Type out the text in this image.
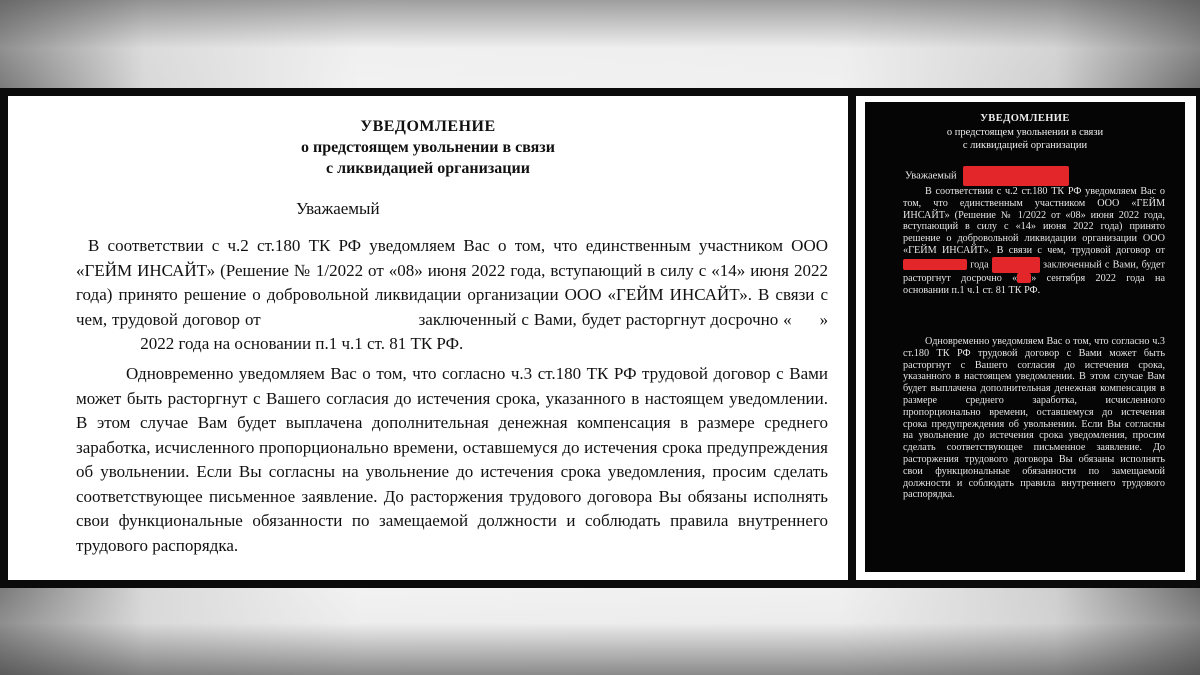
УВЕДОМЛЕНИЕ
о предстоящем увольнении в связи
с ликвидацией организации
Уважаемый

В соответствии с ч.2 ст.180 ТК РФ уведомляем Вас о том, что единственным участником ООО «ГЕЙМ ИНСАЙТ» (Решение № 1/2022 от «08» июня 2022 года, вступающий в силу с «14» июня 2022 года) принято решение о добровольной ликвидации организации ООО «ГЕЙМ ИНСАЙТ». В связи с чем, трудовой договор от	заключенный с Вами, будет расторгнут досрочно « »  2022 года на основании п.1 ч.1 ст. 81 ТК РФ.

Одновременно уведомляем Вас о том, что согласно ч.3 ст.180 ТК РФ трудовой договор с Вами может быть расторгнут с Вашего согласия до истечения срока, указанного в настоящем уведомлении. В этом случае Вам будет выплачена дополнительная денежная компенсация в размере среднего заработка, исчисленного пропорционально времени, оставшемуся до истечения срока предупреждения об увольнении. Если Вы согласны на увольнение до истечения срока уведомления, просим сделать соответствующее письменное заявление. До расторжения трудового договора Вы обязаны исполнять свои функциональные обязанности по замещаемой должности и соблюдать правила внутреннего трудового распорядка.

УВЕДОМЛЕНИЕ
о предстоящем увольнении в связи
с ликвидацией организации
Уважаемый

В соответствии с ч.2 ст.180 ТК РФ уведомляем Вас о том, что единственным участником ООО «ГЕЙМ ИНСАЙТ» (Решение № 1/2022 от «08» июня 2022 года, вступающий в силу с «14» июня 2022 года) принято решение о добровольной ликвидации организации ООО «ГЕЙМ ИНСАЙТ». В связи с чем, трудовой договор от  года	заключенный с Вами, будет расторгнут досрочно « » сентября 2022 года на основании п.1 ч.1 ст. 81 ТК РФ.

Одновременно уведомляем Вас о том, что согласно ч.3 ст.180 ТК РФ трудовой договор с Вами может быть расторгнут с Вашего согласия до истечения срока, указанного в настоящем уведомлении. В этом случае Вам будет выплачена дополнительная денежная компенсация в размере среднего заработка, исчисленного пропорционально времени, оставшемуся до истечения срока предупреждения об увольнении. Если Вы согласны на увольнение до истечения срока уведомления, просим сделать соответствующее письменное заявление. До расторжения трудового договора Вы обязаны исполнять свои функциональные обязанности по замещаемой должности и соблюдать правила внутреннего трудового распорядка.
